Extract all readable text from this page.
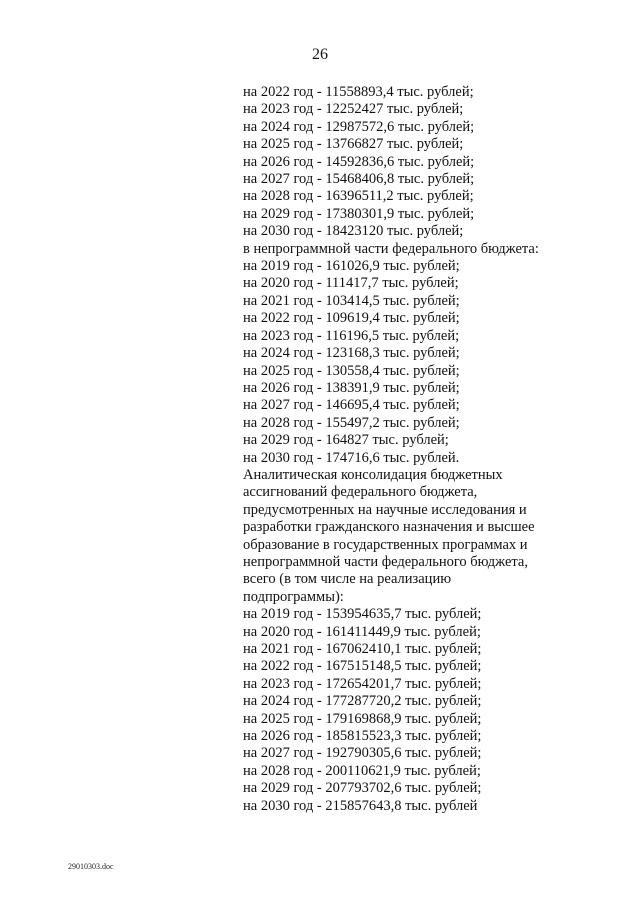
26
на 2022 год - 11558893,4 тыс. рублей;
на 2023 год - 12252427 тыс. рублей;
на 2024 год - 12987572,6 тыс. рублей;
на 2025 год - 13766827 тыс. рублей;
на 2026 год - 14592836,6 тыс. рублей;
на 2027 год - 15468406,8 тыс. рублей;
на 2028 год - 16396511,2 тыс. рублей;
на 2029 год - 17380301,9 тыс. рублей;
на 2030 год - 18423120 тыс. рублей;
в непрограммной части федерального бюджета:
на 2019 год - 161026,9 тыс. рублей;
на 2020 год - 111417,7 тыс. рублей;
на 2021 год - 103414,5 тыс. рублей;
на 2022 год - 109619,4 тыс. рублей;
на 2023 год - 116196,5 тыс. рублей;
на 2024 год - 123168,3 тыс. рублей;
на 2025 год - 130558,4 тыс. рублей;
на 2026 год - 138391,9 тыс. рублей;
на 2027 год - 146695,4 тыс. рублей;
на 2028 год - 155497,2 тыс. рублей;
на 2029 год - 164827 тыс. рублей;
на 2030 год - 174716,6 тыс. рублей.
Аналитическая консолидация бюджетных
ассигнований федерального бюджета,
предусмотренных на научные исследования и
разработки гражданского назначения и высшее
образование в государственных программах и
непрограммной части федерального бюджета,
всего (в том числе на реализацию
подпрограммы):
на 2019 год - 153954635,7 тыс. рублей;
на 2020 год - 161411449,9 тыс. рублей;
на 2021 год - 167062410,1 тыс. рублей;
на 2022 год - 167515148,5 тыс. рублей;
на 2023 год - 172654201,7 тыс. рублей;
на 2024 год - 177287720,2 тыс. рублей;
на 2025 год - 179169868,9 тыс. рублей;
на 2026 год - 185815523,3 тыс. рублей;
на 2027 год - 192790305,6 тыс. рублей;
на 2028 год - 200110621,9 тыс. рублей;
на 2029 год - 207793702,6 тыс. рублей;
на 2030 год - 215857643,8 тыс. рублей
29010303.doc
